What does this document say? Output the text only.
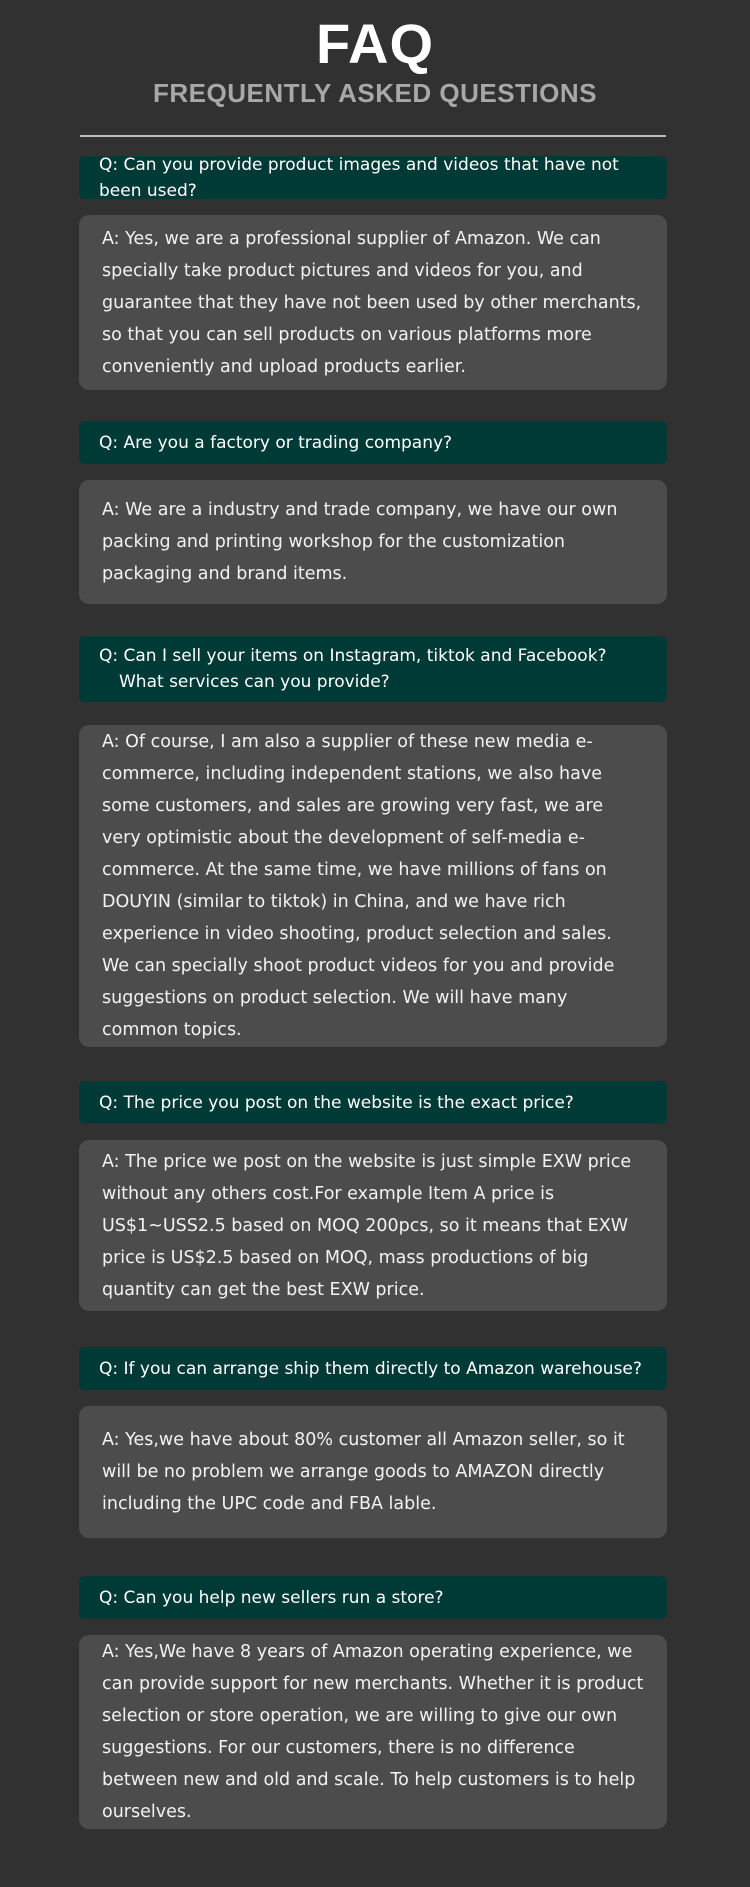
FAQ
FREQUENTLY ASKED QUESTIONS
Q: Can you provide product images and videos that have not been used?
A: Yes, we are a professional supplier of Amazon. We can specially take product pictures and videos for you, and guarantee that they have not been used by other merchants, so that you can sell products on various platforms more conveniently and upload products earlier.
Q: Are you a factory or trading company?
A: We are a industry and trade company, we have our own packing and printing workshop for the customization packaging and brand items.
Q: Can I sell your items on Instagram, tiktok and Facebook?
What services can you provide?
A: Of course, I am also a supplier of these new media e-commerce, including independent stations, we also have some customers, and sales are growing very fast, we are very optimistic about the development of self-media e-commerce. At the same time, we have millions of fans on DOUYIN (similar to tiktok) in China, and we have rich experience in video shooting, product selection and sales. We can specially shoot product videos for you and provide suggestions on product selection. We will have many common topics.
Q: The price you post on the website is the exact price?
A: The price we post on the website is just simple EXW price without any others cost.For example Item A price is US$1~USS2.5 based on MOQ 200pcs, so it means that EXW price is US$2.5 based on MOQ, mass productions of big quantity can get the best EXW price.
Q: If you can arrange ship them directly to Amazon warehouse?
A: Yes,we have about 80% customer all Amazon seller, so it will be no problem we arrange goods to AMAZON directly including the UPC code and FBA lable.
Q: Can you help new sellers run a store?
A: Yes,We have 8 years of Amazon operating experience, we can provide support for new merchants. Whether it is product selection or store operation, we are willing to give our own suggestions. For our customers, there is no difference between new and old and scale. To help customers is to help ourselves.
